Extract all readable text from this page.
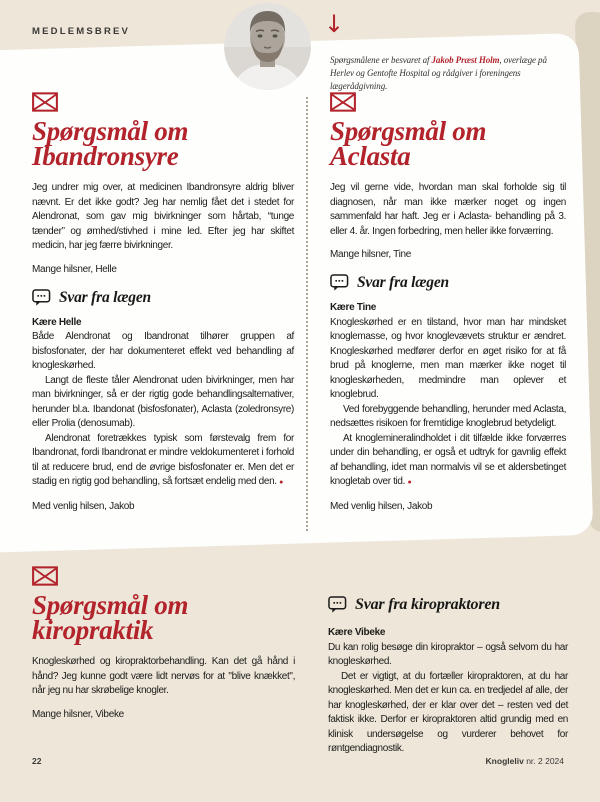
MEDLEMSBREV	↓

Spørgsmålene er besvaret af Jakob Præst Holm, overlæge på Herlev og Gentofte Hospital og rådgiver i foreningens lægerådgivning.

Spørgsmål om
Ibandronsyre

Jeg undrer mig over, at medicinen Ibandronsyre aldrig bliver nævnt. Er det ikke godt? Jeg har nemlig fået det i stedet for Alendronat, som gav mig bivirkninger som hårtab, “tunge tænder” og ømhed/stivhed i mine led. Efter jeg har skiftet medicin, har jeg færre bivirkninger.

Mange hilsner, Helle

Svar fra lægen

Kære Helle

Både Alendronat og Ibandronat tilhører gruppen af bisfosfonater, der har dokumenteret effekt ved behandling af knogleskørhed.

Langt de fleste tåler Alendronat uden bivirkninger, men har man bivirkninger, så er der rigtig gode behandlingsalternativer, herunder bl.a. Ibandonat (bisfosfonater), Aclasta (zoledronsyre) eller Prolia (denosumab).

Alendronat foretrækkes typisk som førstevalg frem for Ibandronat, fordi Ibandronat er mindre veldokumenteret i forhold til at reducere brud, end de øvrige bisfosfonater er. Men det er stadig en rigtig god behandling, så fortsæt endelig med den. ●

Med venlig hilsen, Jakob

Spørgsmål om
Aclasta

Jeg vil gerne vide, hvordan man skal forholde sig til diagnosen, når man ikke mærker noget og ingen sammenfald har haft. Jeg er i Aclasta- behandling på 3. eller 4. år. Ingen forbedring, men heller ikke forværring.

Mange hilsner, Tine

Svar fra lægen

Kære Tine

Knogleskørhed er en tilstand, hvor man har mindsket knoglemasse, og hvor knoglevævets struktur er ændret. Knogleskørhed medfører derfor en øget risiko for at få brud på knoglerne, men man mærker ikke noget til knogleskørheden, medmindre man oplever et knoglebrud.

Ved forebyggende behandling, herunder med Aclasta, nedsættes risikoen for fremtidige knoglebrud betydeligt.

At knoglemineralindholdet i dit tilfælde ikke forværres under din behandling, er også et udtryk for gavnlig effekt af behandling, idet man normalvis vil se et aldersbetinget knogletab over tid. ●

Med venlig hilsen, Jakob

Spørgsmål om
kiropraktik

Knogleskørhed og kiropraktorbehandling. Kan det gå hånd i hånd? Jeg kunne godt være lidt nervøs for at "blive knækket", når jeg nu har skrøbelige knogler.

Mange hilsner, Vibeke

Svar fra kiropraktoren

Kære Vibeke

Du kan rolig besøge din kiropraktor – også selvom du har knogleskørhed.

Det er vigtigt, at du fortæller kiropraktoren, at du har knogleskørhed. Men det er kun ca. en tredjedel af alle, der har knogleskørhed, der er klar over det – resten ved det faktisk ikke. Derfor er kiropraktoren altid grundig med en klinisk undersøgelse og vurderer behovet for røntgendiagnostik.

22	Knogleliv nr. 2 2024
